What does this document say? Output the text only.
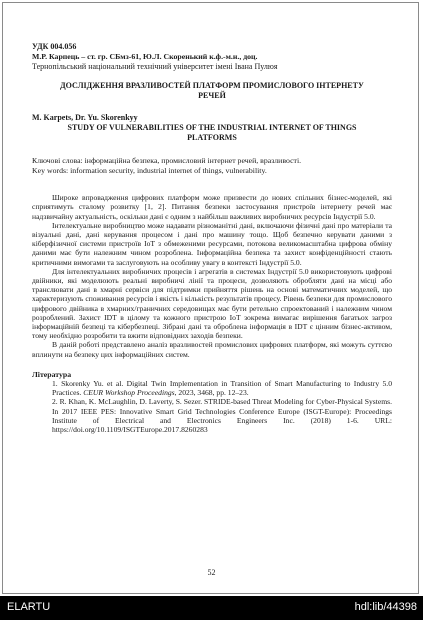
УДК 004.056
М.Р. Карпець – ст. гр. СБмз-61, Ю.Л. Скоренький к.ф.-м.н., доц.
Тернопільський національний технічний університет імені Івана Пулюя
ДОСЛІДЖЕННЯ ВРАЗЛИВОСТЕЙ ПЛАТФОРМ ПРОМИСЛОВОГО ІНТЕРНЕТУ РЕЧЕЙ
M. Karpets, Dr. Yu. Skorenkyy
STUDY OF VULNERABILITIES OF THE INDUSTRIAL INTERNET OF THINGS PLATFORMS
Ключові слова: інформаційна безпека, промисловий інтернет речей, вразливості.
Key words: information security, industrial internet of things, vulnerability.

Широке впровадження цифрових платформ може призвести до нових спільних бізнес-моделей, які сприятимуть сталому розвитку [1, 2]. Питання безпеки застосування пристроїв інтернету речей має надзвичайну актуальність, оскільки дані є одним з найбільш важливих виробничих ресурсів Індустрії 5.0.

Інтелектуальне виробництво може надавати різноманітні дані, включаючи фізичні дані про матеріали та візуальні дані, дані керування процесом і дані про машину тощо. Щоб безпечно керувати даними з кіберфізичної системи пристроїв IoT з обмеженими ресурсами, потокова великомасштабна цифрова обміну даними має бути належним чином розроблена. Інформаційна безпека та захист конфіденційності стають критичними вимогами та заслуговують на особливу увагу в контексті Індустрії 5.0.

Для інтелектуальних виробничих процесів і агрегатів в системах Індустрії 5.0 використовують цифрові двійники, які моделюють реальні виробничі лінії та процеси, дозволяють обробляти дані на місці або транслювати дані в хмарні сервіси для підтримки прийняття рішень на основі математичних моделей, що характеризують споживання ресурсів і якість і кількість результатів процесу. Рівень безпеки для промислового цифрового двійника в хмарних/граничних середовищах має бути ретельно спроектований і належним чином розроблений. Захист IDT в цілому та кожного пристрою IoT зокрема вимагає вирішення багатьох загроз інформаційній безпеці та кібербезпеці. Зібрані дані та оброблена інформація в IDT є цінним бізнес-активом, тому необхідно розробити та вжити відповідних заходів безпеки.

В даній роботі представлено аналіз вразливостей промислових цифрових платформ, які можуть суттєво вплинути на безпеку цих інформаційних систем.

Література

1. Skorenky Yu. et al. Digital Twin Implementation in Transition of Smart Manufacturing to Industry 5.0 Practices. CEUR Workshop Proceedings, 2023, 3468, pp. 12–23.

2. R. Khan, K. McLaughlin, D. Laverty, S. Sezer. STRIDE-based Threat Modeling for Cyber-Physical Systems. In 2017 IEEE PES: Innovative Smart Grid Technologies Conference Europe (ISGT-Europe): Proceedings Institute of Electrical and Electronics Engineers Inc. (2018) 1-6. URL: https://doi.org/10.1109/ISGTEurope.2017.8260283

52
ELARTU	hdl:lib/44398
